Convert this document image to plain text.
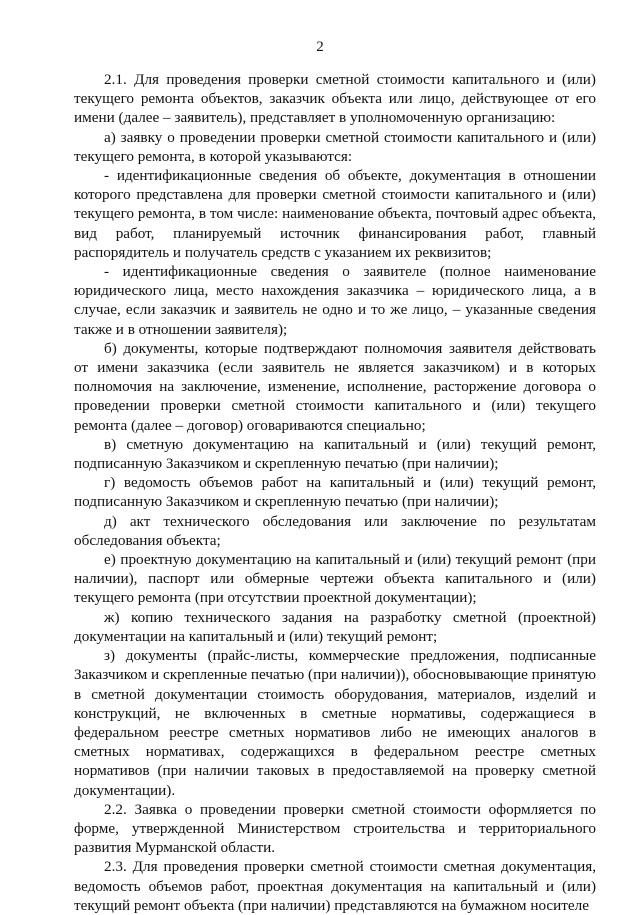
2

2.1. Для проведения проверки сметной стоимости капитального и (или) текущего ремонта объектов, заказчик объекта или лицо, действующее от его имени (далее – заявитель), представляет в уполномоченную организацию:

а) заявку о проведении проверки сметной стоимости капитального и (или) текущего ремонта, в которой указываются:

- идентификационные сведения об объекте, документация в отношении которого представлена для проверки сметной стоимости капитального и (или) текущего ремонта, в том числе: наименование объекта, почтовый адрес объекта, вид работ, планируемый источник финансирования работ, главный распорядитель и получатель средств с указанием их реквизитов;

- идентификационные сведения о заявителе (полное наименование юридического лица, место нахождения заказчика – юридического лица, а в случае, если заказчик и заявитель не одно и то же лицо, – указанные сведения также и в отношении заявителя);

б) документы, которые подтверждают полномочия заявителя действовать от имени заказчика (если заявитель не является заказчиком) и в которых полномочия на заключение, изменение, исполнение, расторжение договора о проведении проверки сметной стоимости капитального и (или) текущего ремонта (далее – договор) оговариваются специально;

в) сметную документацию на капитальный и (или) текущий ремонт, подписанную Заказчиком и скрепленную печатью (при наличии);

г) ведомость объемов работ на капитальный и (или) текущий ремонт, подписанную Заказчиком и скрепленную печатью (при наличии);

д) акт технического обследования или заключение по результатам обследования объекта;

е) проектную документацию на капитальный и (или) текущий ремонт (при наличии), паспорт или обмерные чертежи объекта капитального и (или) текущего ремонта (при отсутствии проектной документации);

ж) копию технического задания на разработку сметной (проектной) документации на капитальный и (или) текущий ремонт;

з) документы (прайс-листы, коммерческие предложения, подписанные Заказчиком и скрепленные печатью (при наличии)), обосновывающие принятую в сметной документации стоимость оборудования, материалов, изделий и конструкций, не включенных в сметные нормативы, содержащиеся в федеральном реестре сметных нормативов либо не имеющих аналогов в сметных нормативах, содержащихся в федеральном реестре сметных нормативов (при наличии таковых в предоставляемой на проверку сметной документации).

2.2. Заявка о проведении проверки сметной стоимости оформляется по форме, утвержденной Министерством строительства и территориального развития Мурманской области.

2.3. Для проведения проверки сметной стоимости сметная документация, ведомость объемов работ, проектная документация на капитальный и (или) текущий ремонт объекта (при наличии) представляются на бумажном носителе
